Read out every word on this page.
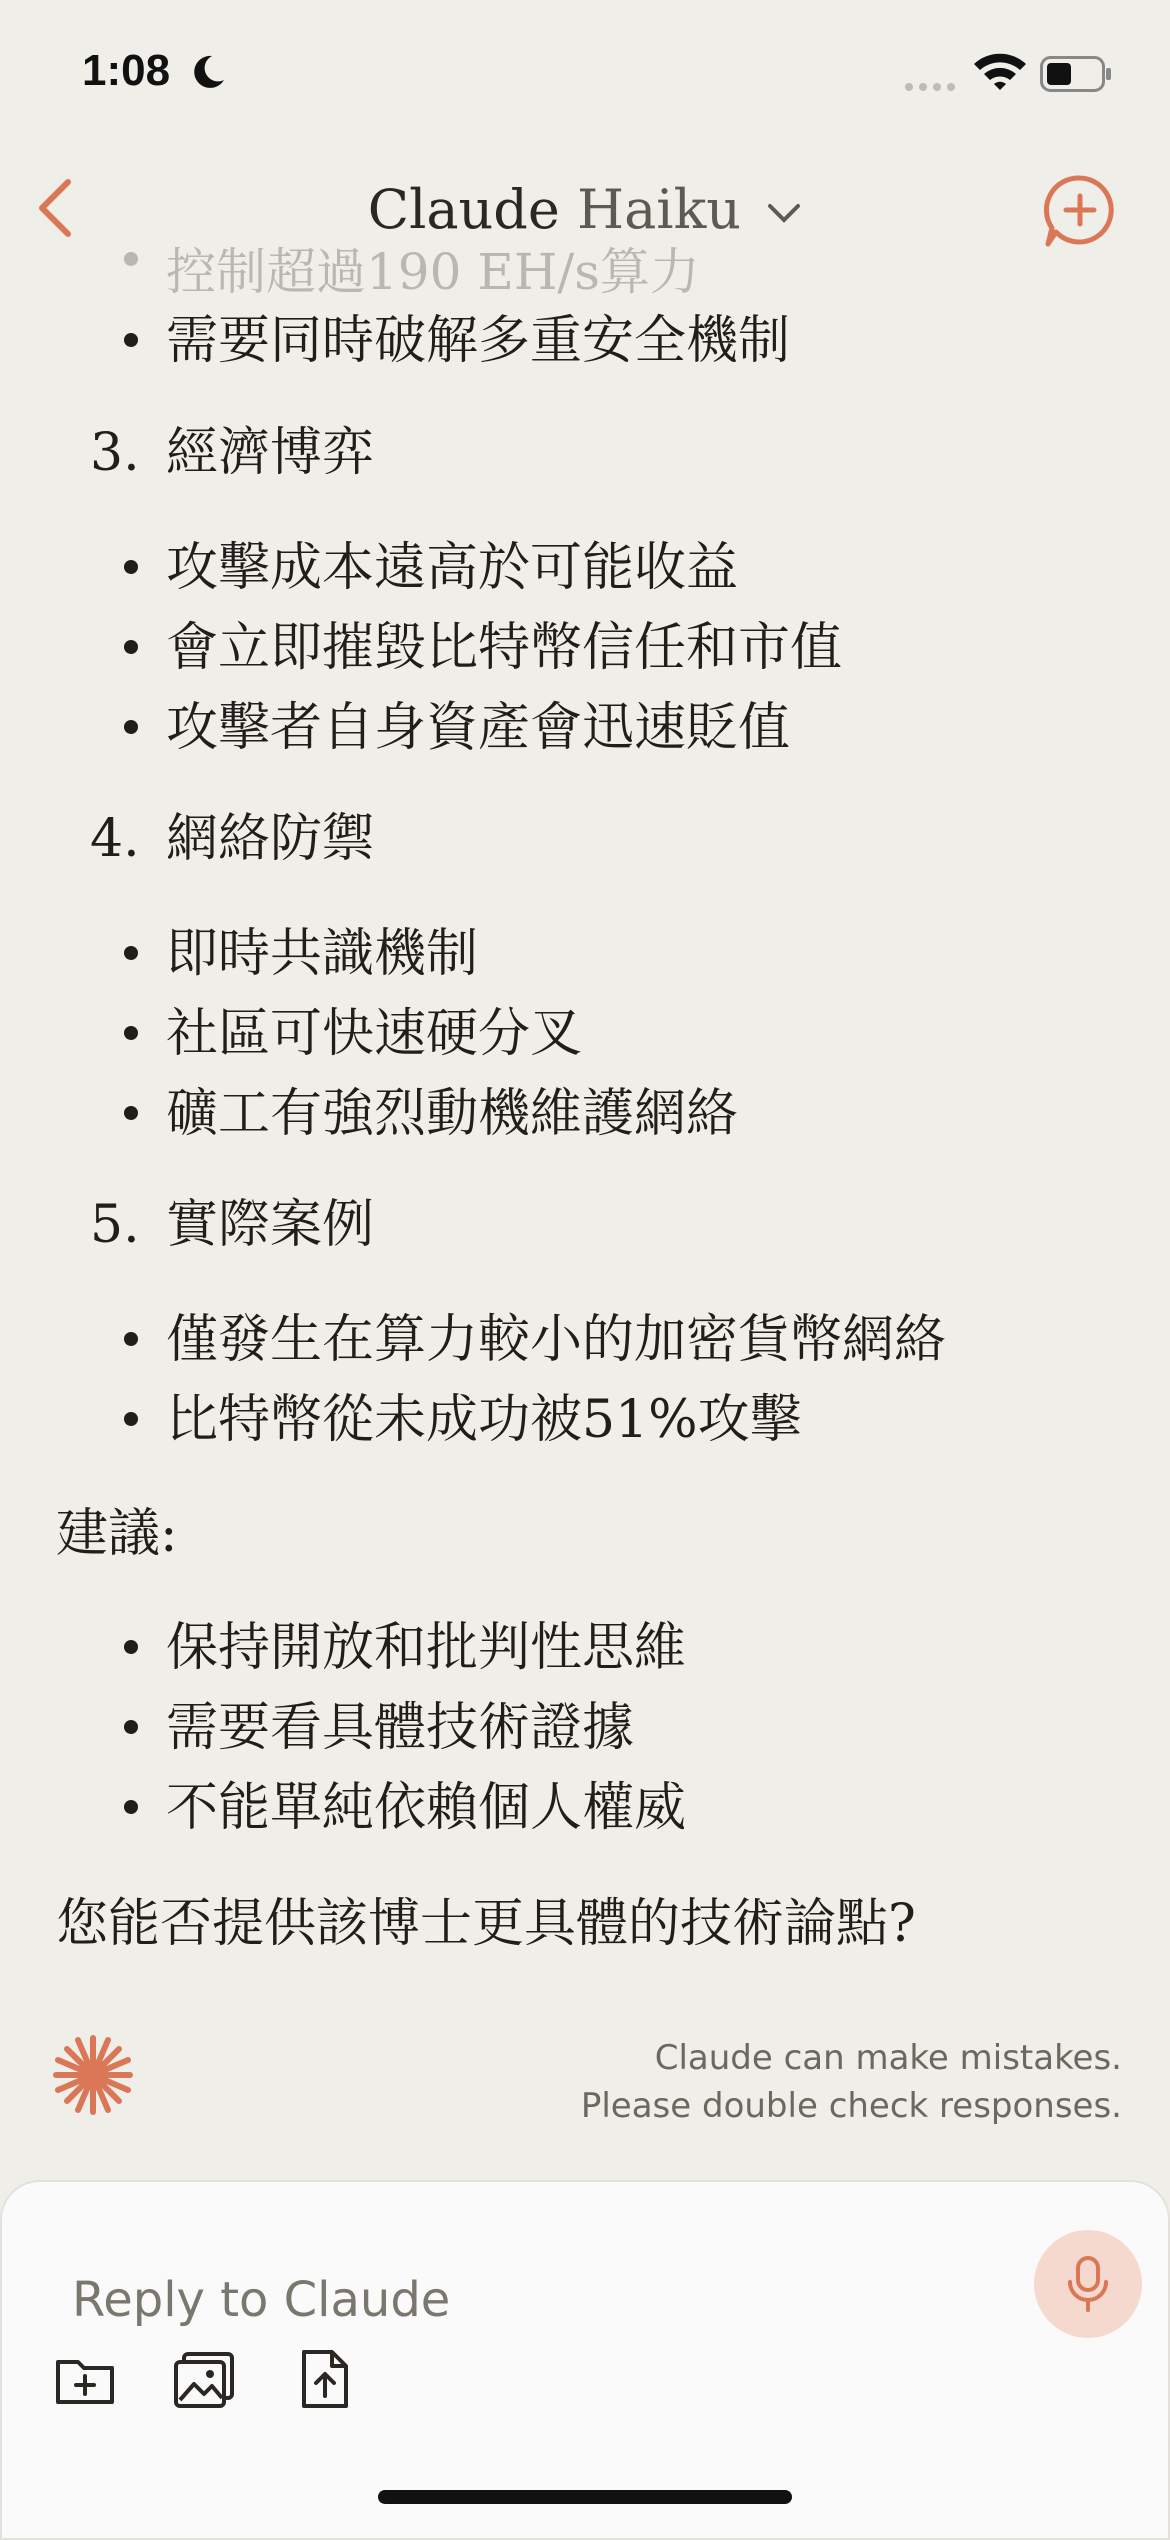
1:08
Claude Haiku
控制超過190 EH/s算力
需要同時破解多重安全機制
3. 經濟博弈
攻擊成本遠高於可能收益
會立即摧毀比特幣信任和市值
攻擊者自身資產會迅速貶值
4. 網絡防禦
即時共識機制
社區可快速硬分叉
礦工有強烈動機維護網絡
5. 實際案例
僅發生在算力較小的加密貨幣網絡
比特幣從未成功被51%攻擊
建議:
保持開放和批判性思維
需要看具體技術證據
不能單純依賴個人權威
您能否提供該博士更具體的技術論點?
Claude can make mistakes.
Please double check responses.
Reply to Claude
